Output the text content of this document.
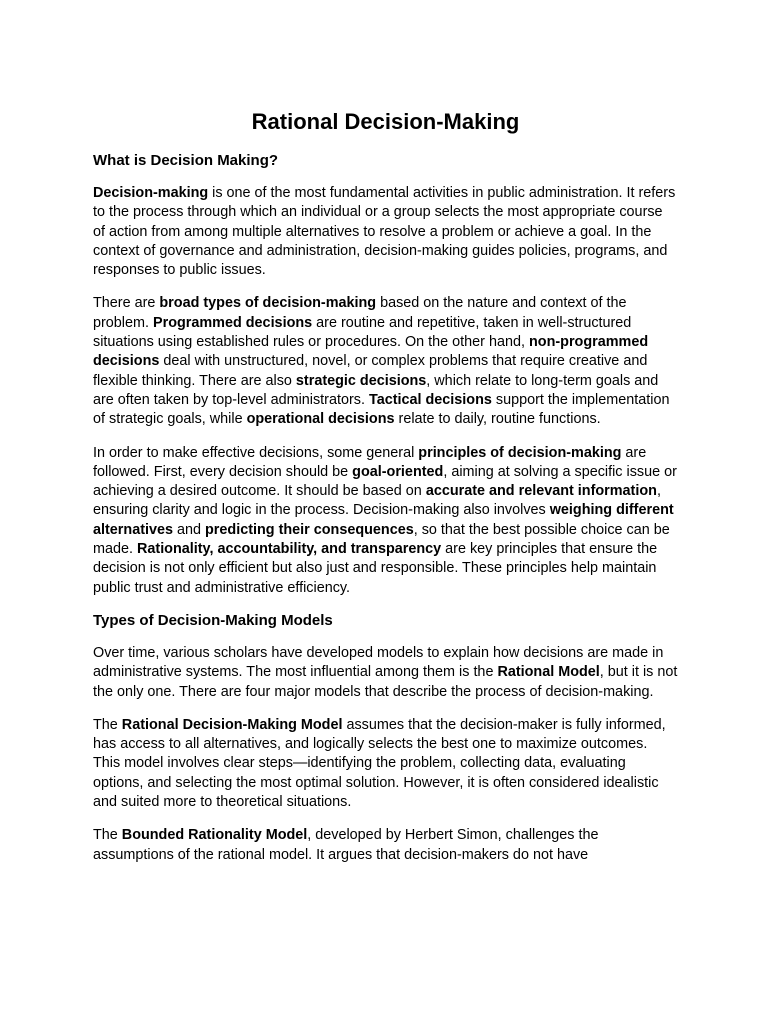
Rational Decision-Making
What is Decision Making?

Decision-making is one of the most fundamental activities in public administration. It refers to the process through which an individual or a group selects the most appropriate course of action from among multiple alternatives to resolve a problem or achieve a goal. In the context of governance and administration, decision-making guides policies, programs, and responses to public issues.

There are broad types of decision-making based on the nature and context of the problem. Programmed decisions are routine and repetitive, taken in well-structured situations using established rules or procedures. On the other hand, non-programmed decisions deal with unstructured, novel, or complex problems that require creative and flexible thinking. There are also strategic decisions, which relate to long-term goals and are often taken by top-level administrators. Tactical decisions support the implementation of strategic goals, while operational decisions relate to daily, routine functions.

In order to make effective decisions, some general principles of decision-making are followed. First, every decision should be goal-oriented, aiming at solving a specific issue or achieving a desired outcome. It should be based on accurate and relevant information, ensuring clarity and logic in the process. Decision-making also involves weighing different alternatives and predicting their consequences, so that the best possible choice can be made. Rationality, accountability, and transparency are key principles that ensure the decision is not only efficient but also just and responsible. These principles help maintain public trust and administrative efficiency.

Types of Decision-Making Models

Over time, various scholars have developed models to explain how decisions are made in administrative systems. The most influential among them is the Rational Model, but it is not the only one. There are four major models that describe the process of decision-making.

The Rational Decision-Making Model assumes that the decision-maker is fully informed, has access to all alternatives, and logically selects the best one to maximize outcomes. This model involves clear steps—identifying the problem, collecting data, evaluating options, and selecting the most optimal solution. However, it is often considered idealistic and suited more to theoretical situations.

The Bounded Rationality Model, developed by Herbert Simon, challenges the assumptions of the rational model. It argues that decision-makers do not have
